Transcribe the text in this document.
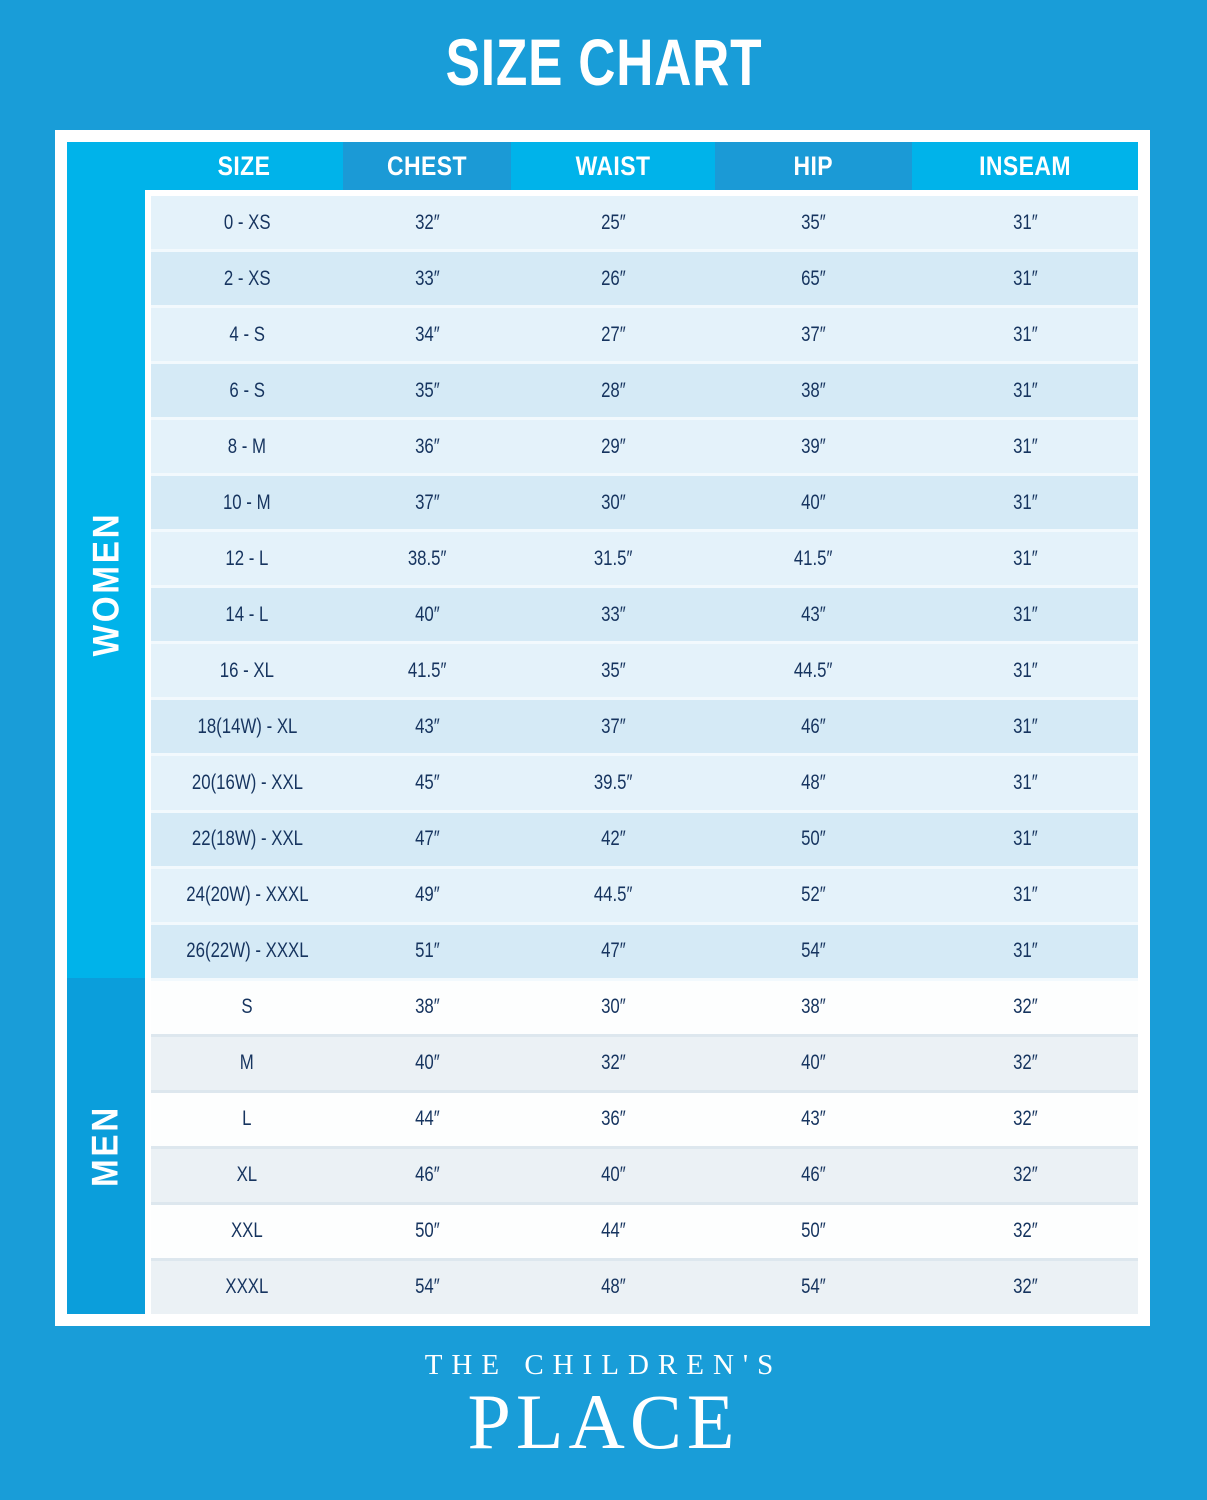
SIZE CHART
SIZE	CHEST	WAIST	HIP	INSEAM
WOMEN
MEN
0 - XS	32″	25″	35″	31″
2 - XS	33″	26″	65″	31″
4 - S	34″	27″	37″	31″
6 - S	35″	28″	38″	31″
8 - M	36″	29″	39″	31″
10 - M	37″	30″	40″	31″
12 - L	38.5″	31.5″	41.5″	31″
14 - L	40″	33″	43″	31″
16 - XL	41.5″	35″	44.5″	31″
18(14W) - XL	43″	37″	46″	31″
20(16W) - XXL	45″	39.5″	48″	31″
22(18W) - XXL	47″	42″	50″	31″
24(20W) - XXXL	49″	44.5″	52″	31″
26(22W) - XXXL	51″	47″	54″	31″
S	38″	30″	38″	32″
M	40″	32″	40″	32″
L	44″	36″	43″	32″
XL	46″	40″	46″	32″
XXL	50″	44″	50″	32″
XXXL	54″	48″	54″	32″
THE CHILDREN'S
PLACE
